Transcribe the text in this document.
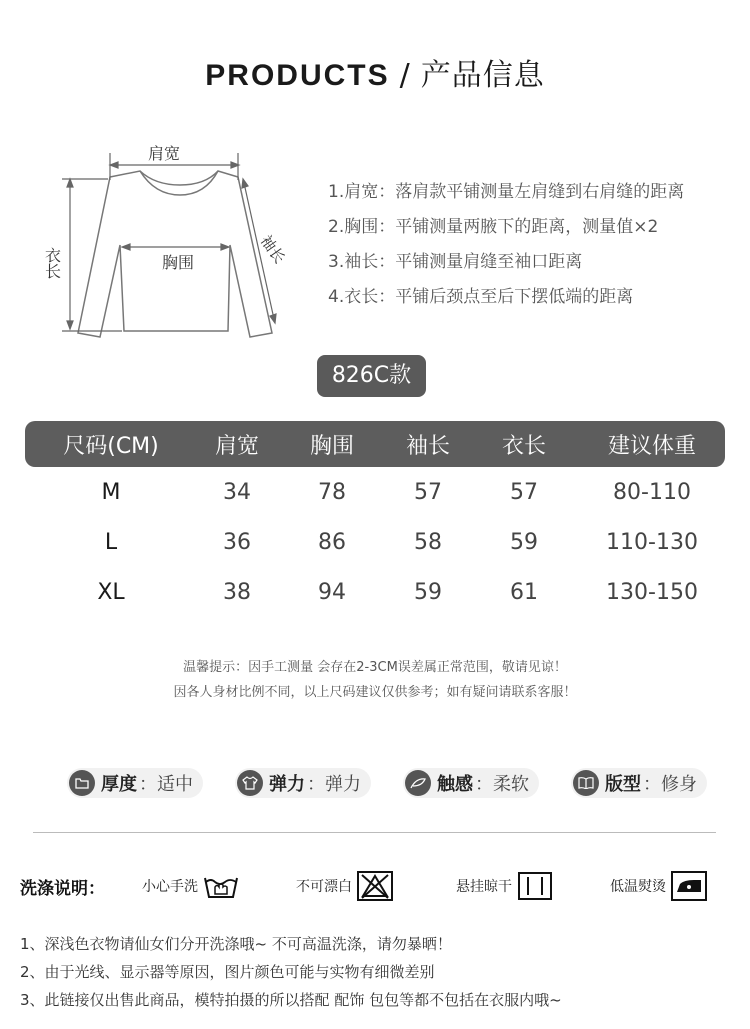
PRODUCTS / 产品信息
肩宽
胸围	袖长
衣长
1.肩宽：落肩款平铺测量左肩缝到右肩缝的距离
2.胸围：平铺测量两腋下的距离，测量值×2
3.袖长：平铺测量肩缝至袖口距离
4.衣长：平铺后颈点至后下摆低端的距离
826C款
尺码(CM)	肩宽	胸围	袖长	衣长	建议体重
M	34	78	57	57	80-110
L	36	86	58	59	110-130
XL	38	94	59	61	130-150
温馨提示：因手工测量 会存在2-3CM误差属正常范围，敬请见谅！
因各人身材比例不同，以上尺码建议仅供参考；如有疑问请联系客服！
厚度 ：适中	弹力 ：弹力	触感 ：柔软	版型 ：修身
洗涤说明：	小心手洗	不可漂白	悬挂晾干	低温熨烫
1、深浅色衣物请仙女们分开洗涤哦~ 不可高温洗涤，请勿暴晒！
2、由于光线、显示器等原因，图片颜色可能与实物有细微差别
3、此链接仅出售此商品，模特拍摄的所以搭配 配饰 包包等都不包括在衣服内哦~
